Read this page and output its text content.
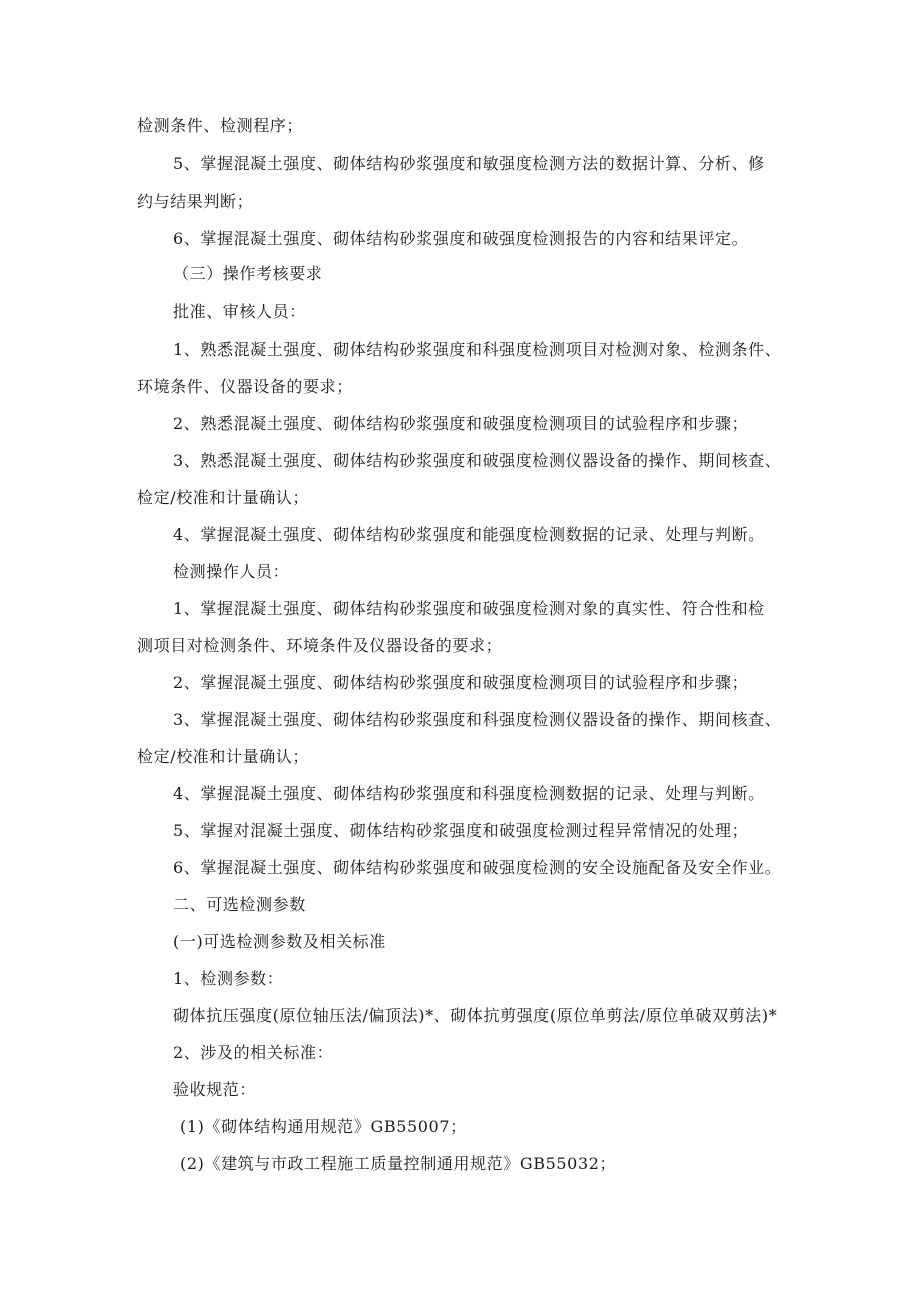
检测条件、检测程序；
5、掌握混凝土强度、砌体结构砂浆强度和敏强度检测方法的数据计算、分析、修
约与结果判断；
6、掌握混凝土强度、砌体结构砂浆强度和破强度检测报告的内容和结果评定。
（三）操作考核要求
批准、审核人员：
1、熟悉混凝土强度、砌体结构砂浆强度和科强度检测项目对检测对象、检测条件、
环境条件、仪器设备的要求；
2、熟悉混凝土强度、砌体结构砂浆强度和破强度检测项目的试验程序和步骤；
3、熟悉混凝土强度、砌体结构砂浆强度和破强度检测仪器设备的操作、期间核查、
检定/校准和计量确认；
4、掌握混凝土强度、砌体结构砂浆强度和能强度检测数据的记录、处理与判断。
检测操作人员：
1、掌握混凝土强度、砌体结构砂浆强度和破强度检测对象的真实性、符合性和检
测项目对检测条件、环境条件及仪器设备的要求；
2、掌握混凝土强度、砌体结构砂浆强度和破强度检测项目的试验程序和步骤；
3、掌握混凝土强度、砌体结构砂浆强度和科强度检测仪器设备的操作、期间核查、
检定/校准和计量确认；
4、掌握混凝土强度、砌体结构砂浆强度和科强度检测数据的记录、处理与判断。
5、掌握对混凝土强度、砌体结构砂浆强度和破强度检测过程异常情况的处理；
6、掌握混凝土强度、砌体结构砂浆强度和破强度检测的安全设施配备及安全作业。
二、可选检测参数
(一)可选检测参数及相关标准
1、检测参数：
砌体抗压强度(原位轴压法/偏顶法)*、砌体抗剪强度(原位单剪法/原位单破双剪法)*
2、涉及的相关标准：
验收规范：
(1)《砌体结构通用规范》GB55007；
(2)《建筑与市政工程施工质量控制通用规范》GB55032；
